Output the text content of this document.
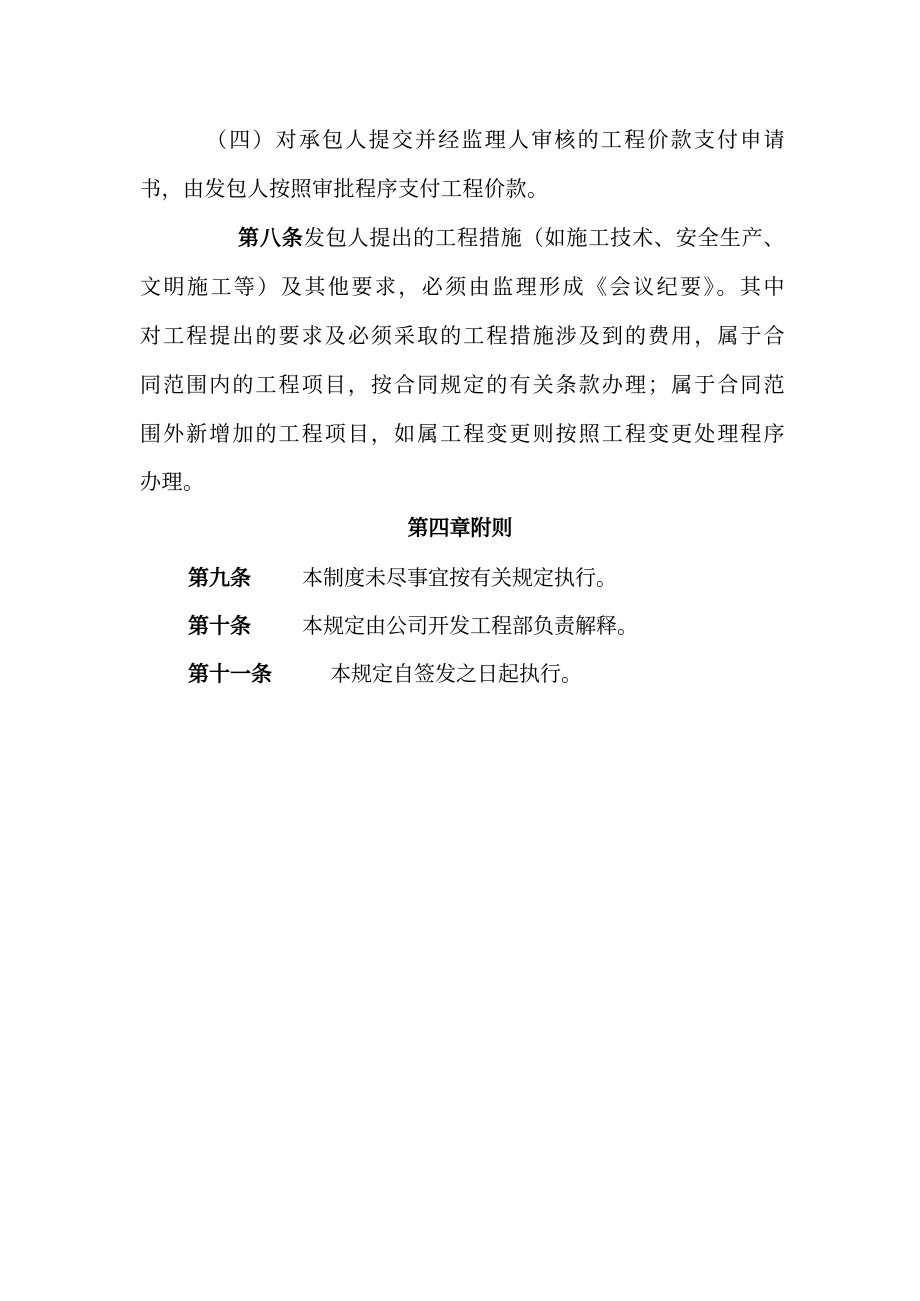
（四）对承包人提交并经监理人审核的工程价款支付申请
书，由发包人按照审批程序支付工程价款。
第八条发包人提出的工程措施（如施工技术、安全生产、
文明施工等）及其他要求，必须由监理形成《会议纪要》。其中
对工程提出的要求及必须采取的工程措施涉及到的费用，属于合
同范围内的工程项目，按合同规定的有关条款办理；属于合同范
围外新增加的工程项目，如属工程变更则按照工程变更处理程序
办理。
第四章附则
第九条 本制度未尽事宜按有关规定执行。
第十条 本规定由公司开发工程部负责解释。
第十一条	本规定自签发之日起执行。
